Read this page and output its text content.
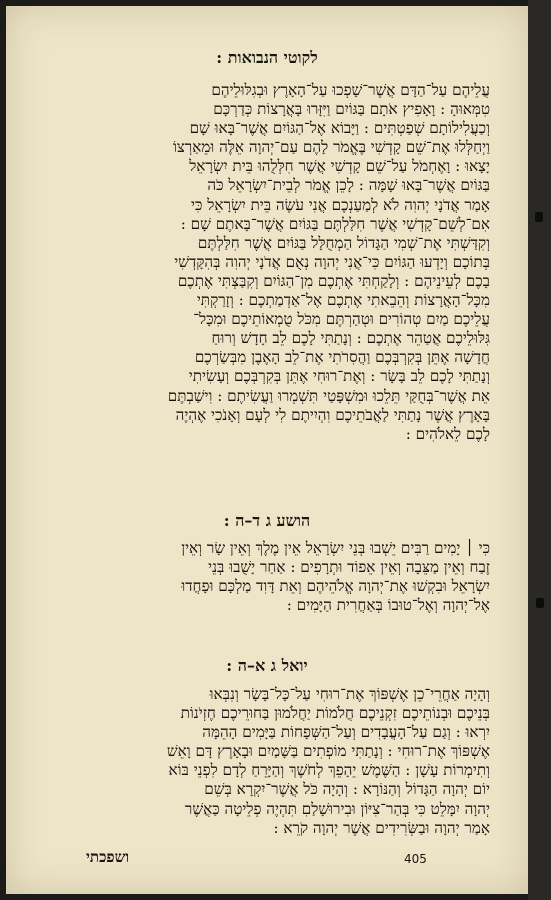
לקוטי הנבואות :
עֲלֵיהֶם עַל־הַדָּם אֲשֶׁר־שָׁפְכוּ עַל־הָאָרֶץ וּבְגִלּוּלֵיהֶם
טִמְּאוּהָ : וָאָפִיץ אֹתָם בַּגּוֹיִם וַיִּזָּרוּ בָּאֲרָצוֹת כְּדַרְכָּם
וְכַעֲלִילוֹתָם שְׁפַטְתִּים : וַיָּבוֹא אֶל־הַגּוֹיִם אֲשֶׁר־בָּאוּ שָׁם
וַיְחַלְּלוּ אֶת־שֵׁם קָדְשִׁי בֶּאֱמֹר לָהֶם עַם־יְהוָה אֵלֶּה וּמֵאַרְצוֹ
יָצָאוּ : וָאֶחְמֹל עַל־שֵׁם קָדְשִׁי אֲשֶׁר חִלְּלֻהוּ בֵּית יִשְׂרָאֵל
בַּגּוֹיִם אֲשֶׁר־בָּאוּ שָׁמָּה : לָכֵן אֱמֹר לְבֵית־יִשְׂרָאֵל כֹּה
אָמַר אֲדֹנָי יְהוִה לֹא לְמַעַנְכֶם אֲנִי עֹשֶׂה בֵּית יִשְׂרָאֵל כִּי
אִם־לְשֵׁם־קָדְשִׁי אֲשֶׁר חִלַּלְתֶּם בַּגּוֹיִם אֲשֶׁר־בָּאתֶם שָׁם :
וְקִדַּשְׁתִּי אֶת־שְׁמִי הַגָּדוֹל הַמְחֻלָּל בַּגּוֹיִם אֲשֶׁר חִלַּלְתֶּם
בְּתוֹכָם וְיָדְעוּ הַגּוֹיִם כִּי־אֲנִי יְהוָה נְאֻם אֲדֹנָי יְהוִה בְּהִקָּדְשִׁי
בָכֶם לְעֵינֵיהֶם : וְלָקַחְתִּי אֶתְכֶם מִן־הַגּוֹיִם וְקִבַּצְתִּי אֶתְכֶם
מִכָּל־הָאֲרָצוֹת וְהֵבֵאתִי אֶתְכֶם אֶל־אַדְמַתְכֶם : וְזָרַקְתִּי
עֲלֵיכֶם מַיִם טְהוֹרִים וּטְהַרְתֶּם מִכֹּל טֻמְאוֹתֵיכֶם וּמִכָּל־
גִּלּוּלֵיכֶם אֲטַהֵר אֶתְכֶם : וְנָתַתִּי לָכֶם לֵב חָדָשׁ וְרוּחַ
חֲדָשָׁה אֶתֵּן בְּקִרְבְּכֶם וַהֲסִרֹתִי אֶת־לֵב הָאֶבֶן מִבְּשַׂרְכֶם
וְנָתַתִּי לָכֶם לֵב בָּשָׂר : וְאֶת־רוּחִי אֶתֵּן בְּקִרְבְּכֶם וְעָשִׂיתִי
אֵת אֲשֶׁר־בְּחֻקַּי תֵּלֵכוּ וּמִשְׁפָּטַי תִּשְׁמְרוּ וַעֲשִׂיתֶם : וִישַׁבְתֶּם
בָּאָרֶץ אֲשֶׁר נָתַתִּי לַאֲבֹתֵיכֶם וִהְיִיתֶם לִי לְעָם וְאָנֹכִי אֶהְיֶה
לָכֶם לֵאלֹהִים :
הושע ג ד–ה :
כִּי ׀ יָמִים רַבִּים יֵשְׁבוּ בְּנֵי יִשְׂרָאֵל אֵין מֶלֶךְ וְאֵין שָׂר וְאֵין
זֶבַח וְאֵין מַצֵּבָה וְאֵין אֵפוֹד וּתְרָפִים : אַחַר יָשֻׁבוּ בְּנֵי
יִשְׂרָאֵל וּבִקְשׁוּ אֶת־יְהוָה אֱלֹהֵיהֶם וְאֵת דָּוִד מַלְכָּם וּפָחֲדוּ
אֶל־יְהוָה וְאֶל־טוּבוֹ בְּאַחֲרִית הַיָּמִים :
יואל ג א–ה :
וְהָיָה אַחֲרֵי־כֵן אֶשְׁפּוֹךְ אֶת־רוּחִי עַל־כָּל־בָּשָׂר וְנִבְּאוּ
בְּנֵיכֶם וּבְנוֹתֵיכֶם זִקְנֵיכֶם חֲלֹמוֹת יַחֲלֹמוּן בַּחוּרֵיכֶם חֶזְיֹנוֹת
יִרְאוּ : וְגַם עַל־הָעֲבָדִים וְעַל־הַשְּׁפָחוֹת בַּיָּמִים הָהֵמָּה
אֶשְׁפּוֹךְ אֶת־רוּחִי : וְנָתַתִּי מוֹפְתִים בַּשָּׁמַיִם וּבָאָרֶץ דָּם וָאֵשׁ
וְתִימְרוֹת עָשָׁן : הַשֶּׁמֶשׁ יֵהָפֵךְ לְחֹשֶׁךְ וְהַיָּרֵחַ לְדָם לִפְנֵי בּוֹא
יוֹם יְהוָה הַגָּדוֹל וְהַנּוֹרָא : וְהָיָה כֹּל אֲשֶׁר־יִקְרָא בְּשֵׁם
יְהוָה יִמָּלֵט כִּי בְּהַר־צִיּוֹן וּבִירוּשָׁלַםִ תִּהְיֶה פְלֵיטָה כַּאֲשֶׁר
אָמַר יְהוָה וּבַשְּׂרִידִים אֲשֶׁר יְהוָה קֹרֵא :
ושפכתי	405
